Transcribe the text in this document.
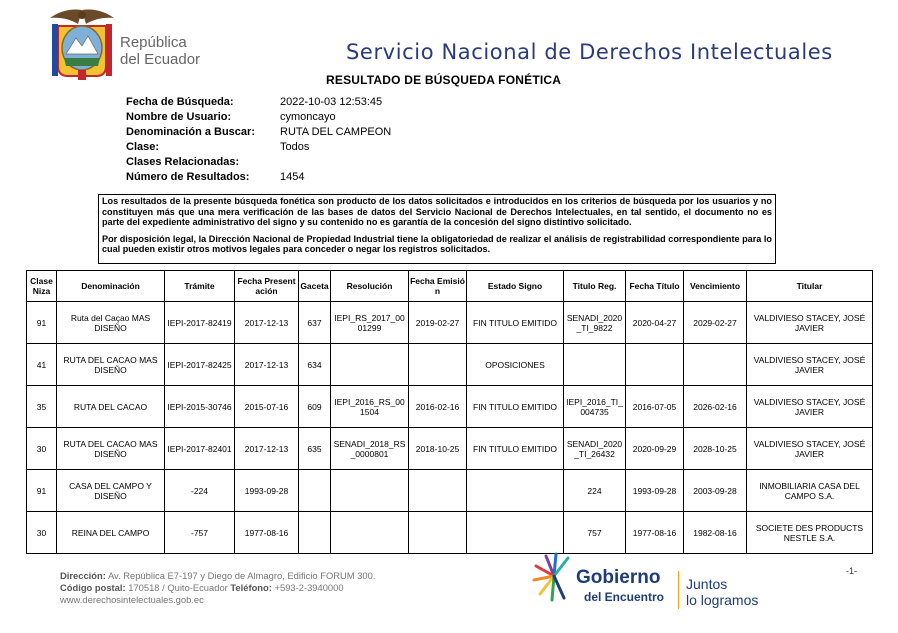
República
del Ecuador	Servicio Nacional de Derechos Intelectuales
RESULTADO DE BÚSQUEDA FONÉTICA
Fecha de Búsqueda:	2022-10-03 12:53:45
Nombre de Usuario:	cymoncayo
Denominación a Buscar: RUTA DEL CAMPEON
Clase:	Todos
Clases Relacionadas:
Número de Resultados:	1454

Los resultados de la presente búsqueda fonética son producto de los datos solicitados e introducidos en los criterios de búsqueda por los usuarios y no constituyen más que una mera verificación de las bases de datos del Servicio Nacional de Derechos Intelectuales, en tal sentido, el documento no es parte del expediente administrativo del signo y su contenido no es garantía de la concesión del signo distintivo solicitado.

Por disposición legal, la Dirección Nacional de Propiedad Industrial tiene la obligatoriedad de realizar el análisis de registrabilidad correspondiente para lo cual pueden existir otros motivos legales para conceder o negar los registros solicitados.

Clase Niza	Denominación	Trámite	Fecha Presentación	Gaceta	Resolución	Fecha Emisión	Estado Signo	Titulo Reg.	Fecha Título	Vencimiento	Titular
91	Ruta del Caçao MAS DISEÑO	IEPI-2017-82419	2017-12-13	637	IEPI_RS_2017_0001299	2019-02-27	FIN TITULO EMITIDO	SENADI_2020_TI_9822	2020-04-27	2029-02-27	VALDIVIESO STACEY, JOSÉ JAVIER
41	RUTA DEL CACAO MAS DISEÑO	IEPI-2017-82425	2017-12-13	634			OPOSICIONES				VALDIVIESO STACEY, JOSÉ JAVIER
35	RUTA DEL CACAO	IEPI-2015-30746	2015-07-16	609	IEPI_2016_RS_001504	2016-02-16	FIN TITULO EMITIDO	IEPI_2016_TI_004735	2016-07-05	2026-02-16	VALDIVIESO STACEY, JOSÉ JAVIER
30	RUTA DEL CACAO MAS DISEÑO	IEPI-2017-82401	2017-12-13	635	SENADI_2018_RS_0000801	2018-10-25	FIN TITULO EMITIDO	SENADI_2020_TI_26432	2020-09-29	2028-10-25	VALDIVIESO STACEY, JOSÉ JAVIER
91	CASA DEL CAMPO Y DISEÑO	-224	1993-09-28					224	1993-09-28	2003-09-28	INMOBILIARIA CASA DEL CAMPO S.A.
30	REINA DEL CAMPO	-757	1977-08-16					757	1977-08-16	1982-08-16	SOCIETE DES PRODUCTS NESTLE S.A.
Dirección: Av. República E7-197 y Diego de Almagro, Edificio FORUM 300.
Código postal: 170518 / Quito-Ecuador Teléfono: +593-2-3940000
www.derechosintelectuales.gob.ec
Gobierno
del Encuentro
Juntos
lo logramos
-1-
